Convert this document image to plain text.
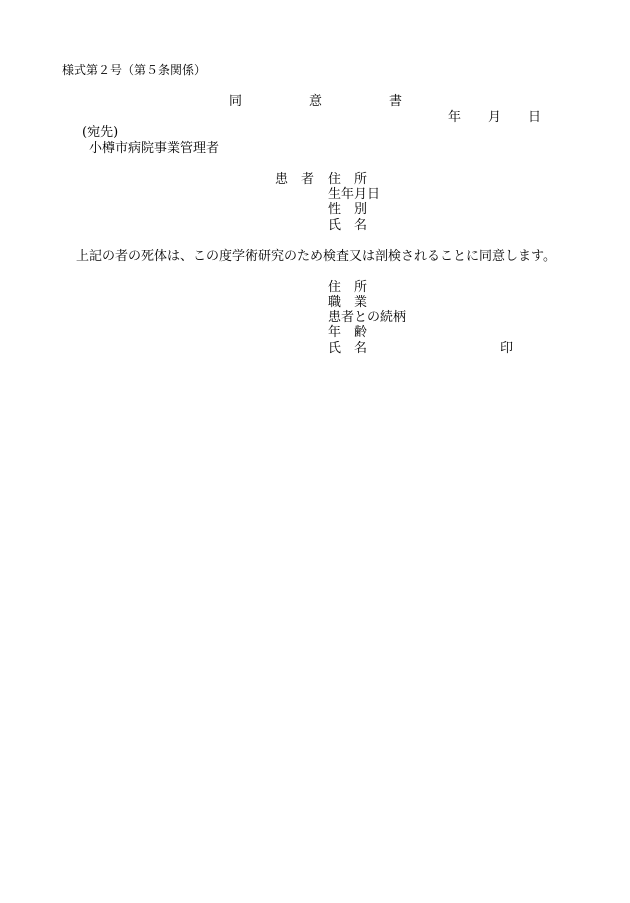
様式第２号（第５条関係）
同	意	書
年 月 日
(宛先)
小樽市病院事業管理者
患　者 住　所
生年月日
性　別
氏　名
上記の者の死体は、この度学術研究のため検査又は剖検されることに同意します。
住　所
職　業
患者との続柄
年　齢
氏　名	印
